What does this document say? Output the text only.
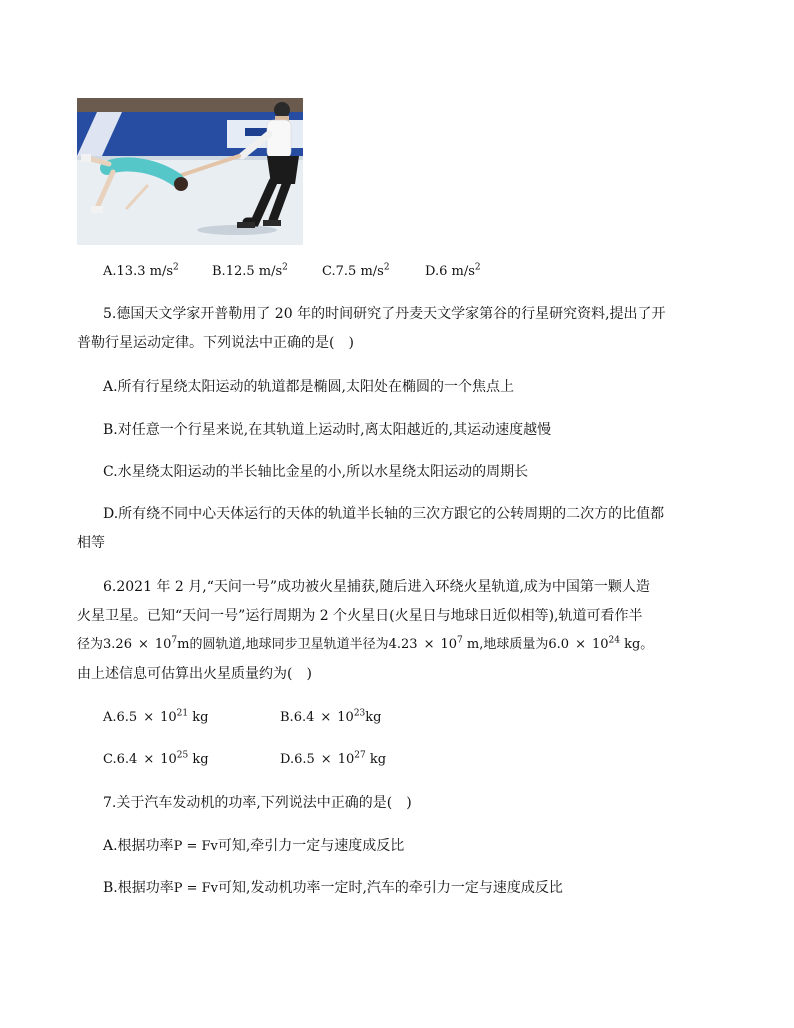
A.13.3 $m/s^2$	B.12.5 $m/s^2$	C.7.5 $m/s^2$	D.6 $m/s^2$
5.德国天文学家开普勒用了 20 年的时间研究了丹麦天文学家第谷的行星研究资料,提出了开
普勒行星运动定律。下列说法中正确的是(　)
A.所有行星绕太阳运动的轨道都是椭圆,太阳处在椭圆的一个焦点上
B.对任意一个行星来说,在其轨道上运动时,离太阳越近的,其运动速度越慢
C.水星绕太阳运动的半长轴比金星的小,所以水星绕太阳运动的周期长
D.所有绕不同中心天体运行的天体的轨道半长轴的三次方跟它的公转周期的二次方的比值都
相等
6.2021 年 2 月,“天问一号”成功被火星捕获,随后进入环绕火星轨道,成为中国第一颗人造
火星卫星。已知“天问一号”运行周期为 2 个火星日(火星日与地球日近似相等),轨道可看作半
径为$3.26 \times 10^7m$的圆轨道,地球同步卫星轨道半径为$4.23 \times 10^7$ m,地球质量为$6.0 \times 10^{24}$ kg。
由上述信息可估算出火星质量约为(　)
$A.6.5 \times 10^{21}$ kg	$B.6.4 \times 10^{23}kg$
$C.6.4 \times 10^{25}$ kg	$D.6.5 \times 10^{27}$ kg
7.关于汽车发动机的功率,下列说法中正确的是(　)
A.根据功率P = Fv可知,牵引力一定与速度成反比
B.根据功率P = Fv可知,发动机功率一定时,汽车的牵引力一定与速度成反比
